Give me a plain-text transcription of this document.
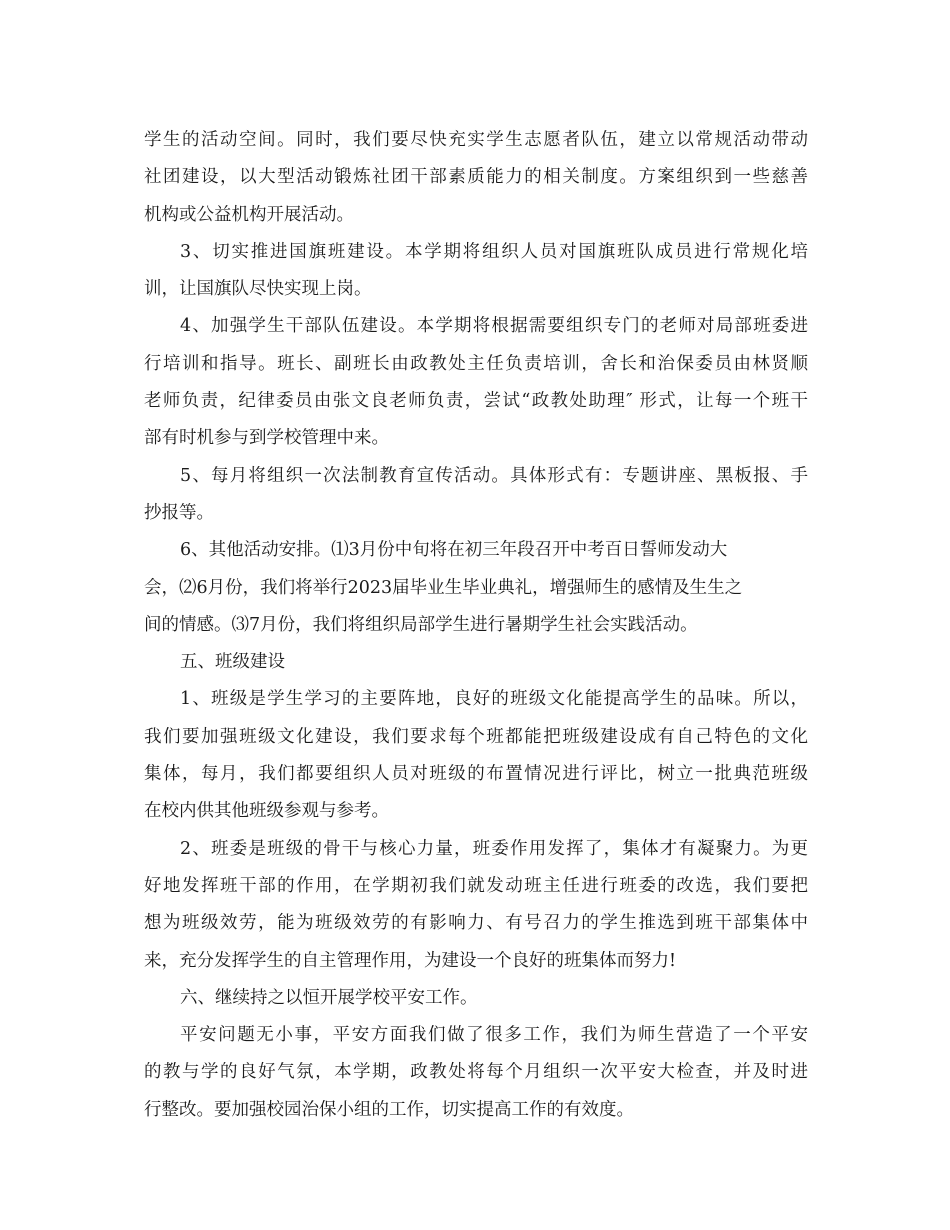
学生的活动空间。同时，我们要尽快充实学生志愿者队伍，建立以常规活动带动
社团建设，以大型活动锻炼社团干部素质能力的相关制度。方案组织到一些慈善
机构或公益机构开展活动。
3、切实推进国旗班建设。本学期将组织人员对国旗班队成员进行常规化培
训，让国旗队尽快实现上岗。
4、加强学生干部队伍建设。本学期将根据需要组织专门的老师对局部班委进
行培训和指导。班长、副班长由政教处主任负责培训，舍长和治保委员由林贤顺
老师负责，纪律委员由张文良老师负责，尝试“政教处助理″ 形式，让每一个班干
部有时机参与到学校管理中来。
5、每月将组织一次法制教育宣传活动。具体形式有：专题讲座、黑板报、手
抄报等。
6、其他活动安排。⑴3月份中旬将在初三年段召开中考百日誓师发动大
会，⑵6月份，我们将举行2023届毕业生毕业典礼，增强师生的感情及生生之
间的情感。⑶7月份，我们将组织局部学生进行暑期学生社会实践活动。
五、班级建设
1、班级是学生学习的主要阵地，良好的班级文化能提高学生的品味。所以，
我们要加强班级文化建设，我们要求每个班都能把班级建设成有自己特色的文化
集体，每月，我们都要组织人员对班级的布置情况进行评比，树立一批典范班级
在校内供其他班级参观与参考。
2、班委是班级的骨干与核心力量，班委作用发挥了，集体才有凝聚力。为更
好地发挥班干部的作用，在学期初我们就发动班主任进行班委的改选，我们要把
想为班级效劳，能为班级效劳的有影响力、有号召力的学生推选到班干部集体中
来，充分发挥学生的自主管理作用，为建设一个良好的班集体而努力!
六、继续持之以恒开展学校平安工作。
平安问题无小事，平安方面我们做了很多工作，我们为师生营造了一个平安
的教与学的良好气氛，本学期，政教处将每个月组织一次平安大检查，并及时进
行整改。要加强校园治保小组的工作，切实提高工作的有效度。
